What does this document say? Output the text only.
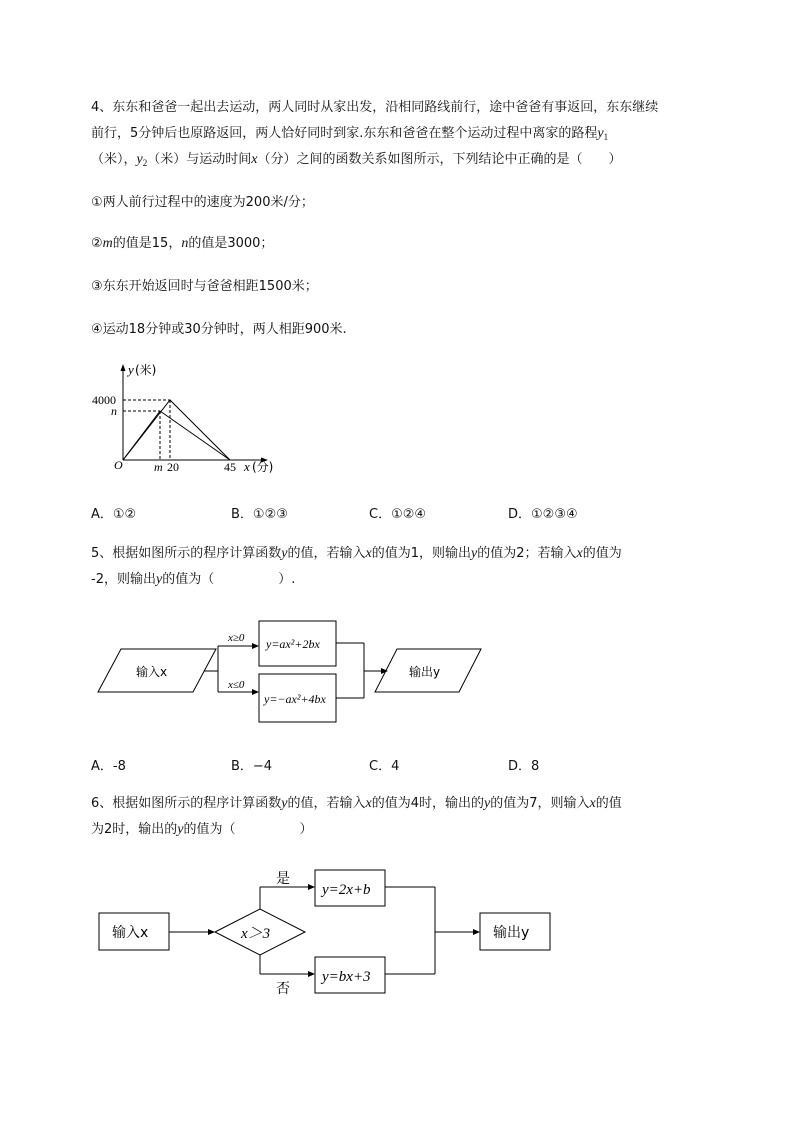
4、东东和爸爸一起出去运动，两人同时从家出发，沿相同路线前行，途中爸爸有事返回，东东继续
前行，5分钟后也原路返回，两人恰好同时到家.东东和爸爸在整个运动过程中离家的路程$y_1$
（米），$y_2$（米）与运动时间x（分）之间的函数关系如图所示，下列结论中正确的是（　　）
①两人前行过程中的速度为200米/分；
②m的值是15，n的值是3000；
③东东开始返回时与爸爸相距1500米；
④运动18分钟或30分钟时，两人相距900米.
y (米)
4000
n
O	m 20	45 x (分)
A．①②	B．①②③	C．①②④	D．①②③④
5、根据如图所示的程序计算函数y的值，若输入x的值为1，则输出y的值为2；若输入x的值为
-2，则输出y的值为（	）.
输入x
x≥0
x≤0
y=ax²+2bx
y=−ax²+4bx
输出y
A．-8	B．−4	C．4	D．8
6、根据如图所示的程序计算函数y的值，若输入x的值为4时，输出的y的值为7，则输入x的值
为2时，输出的y的值为（	）
输入x	x＞3
是
否
y=2x+b
y=bx+3
输出y
